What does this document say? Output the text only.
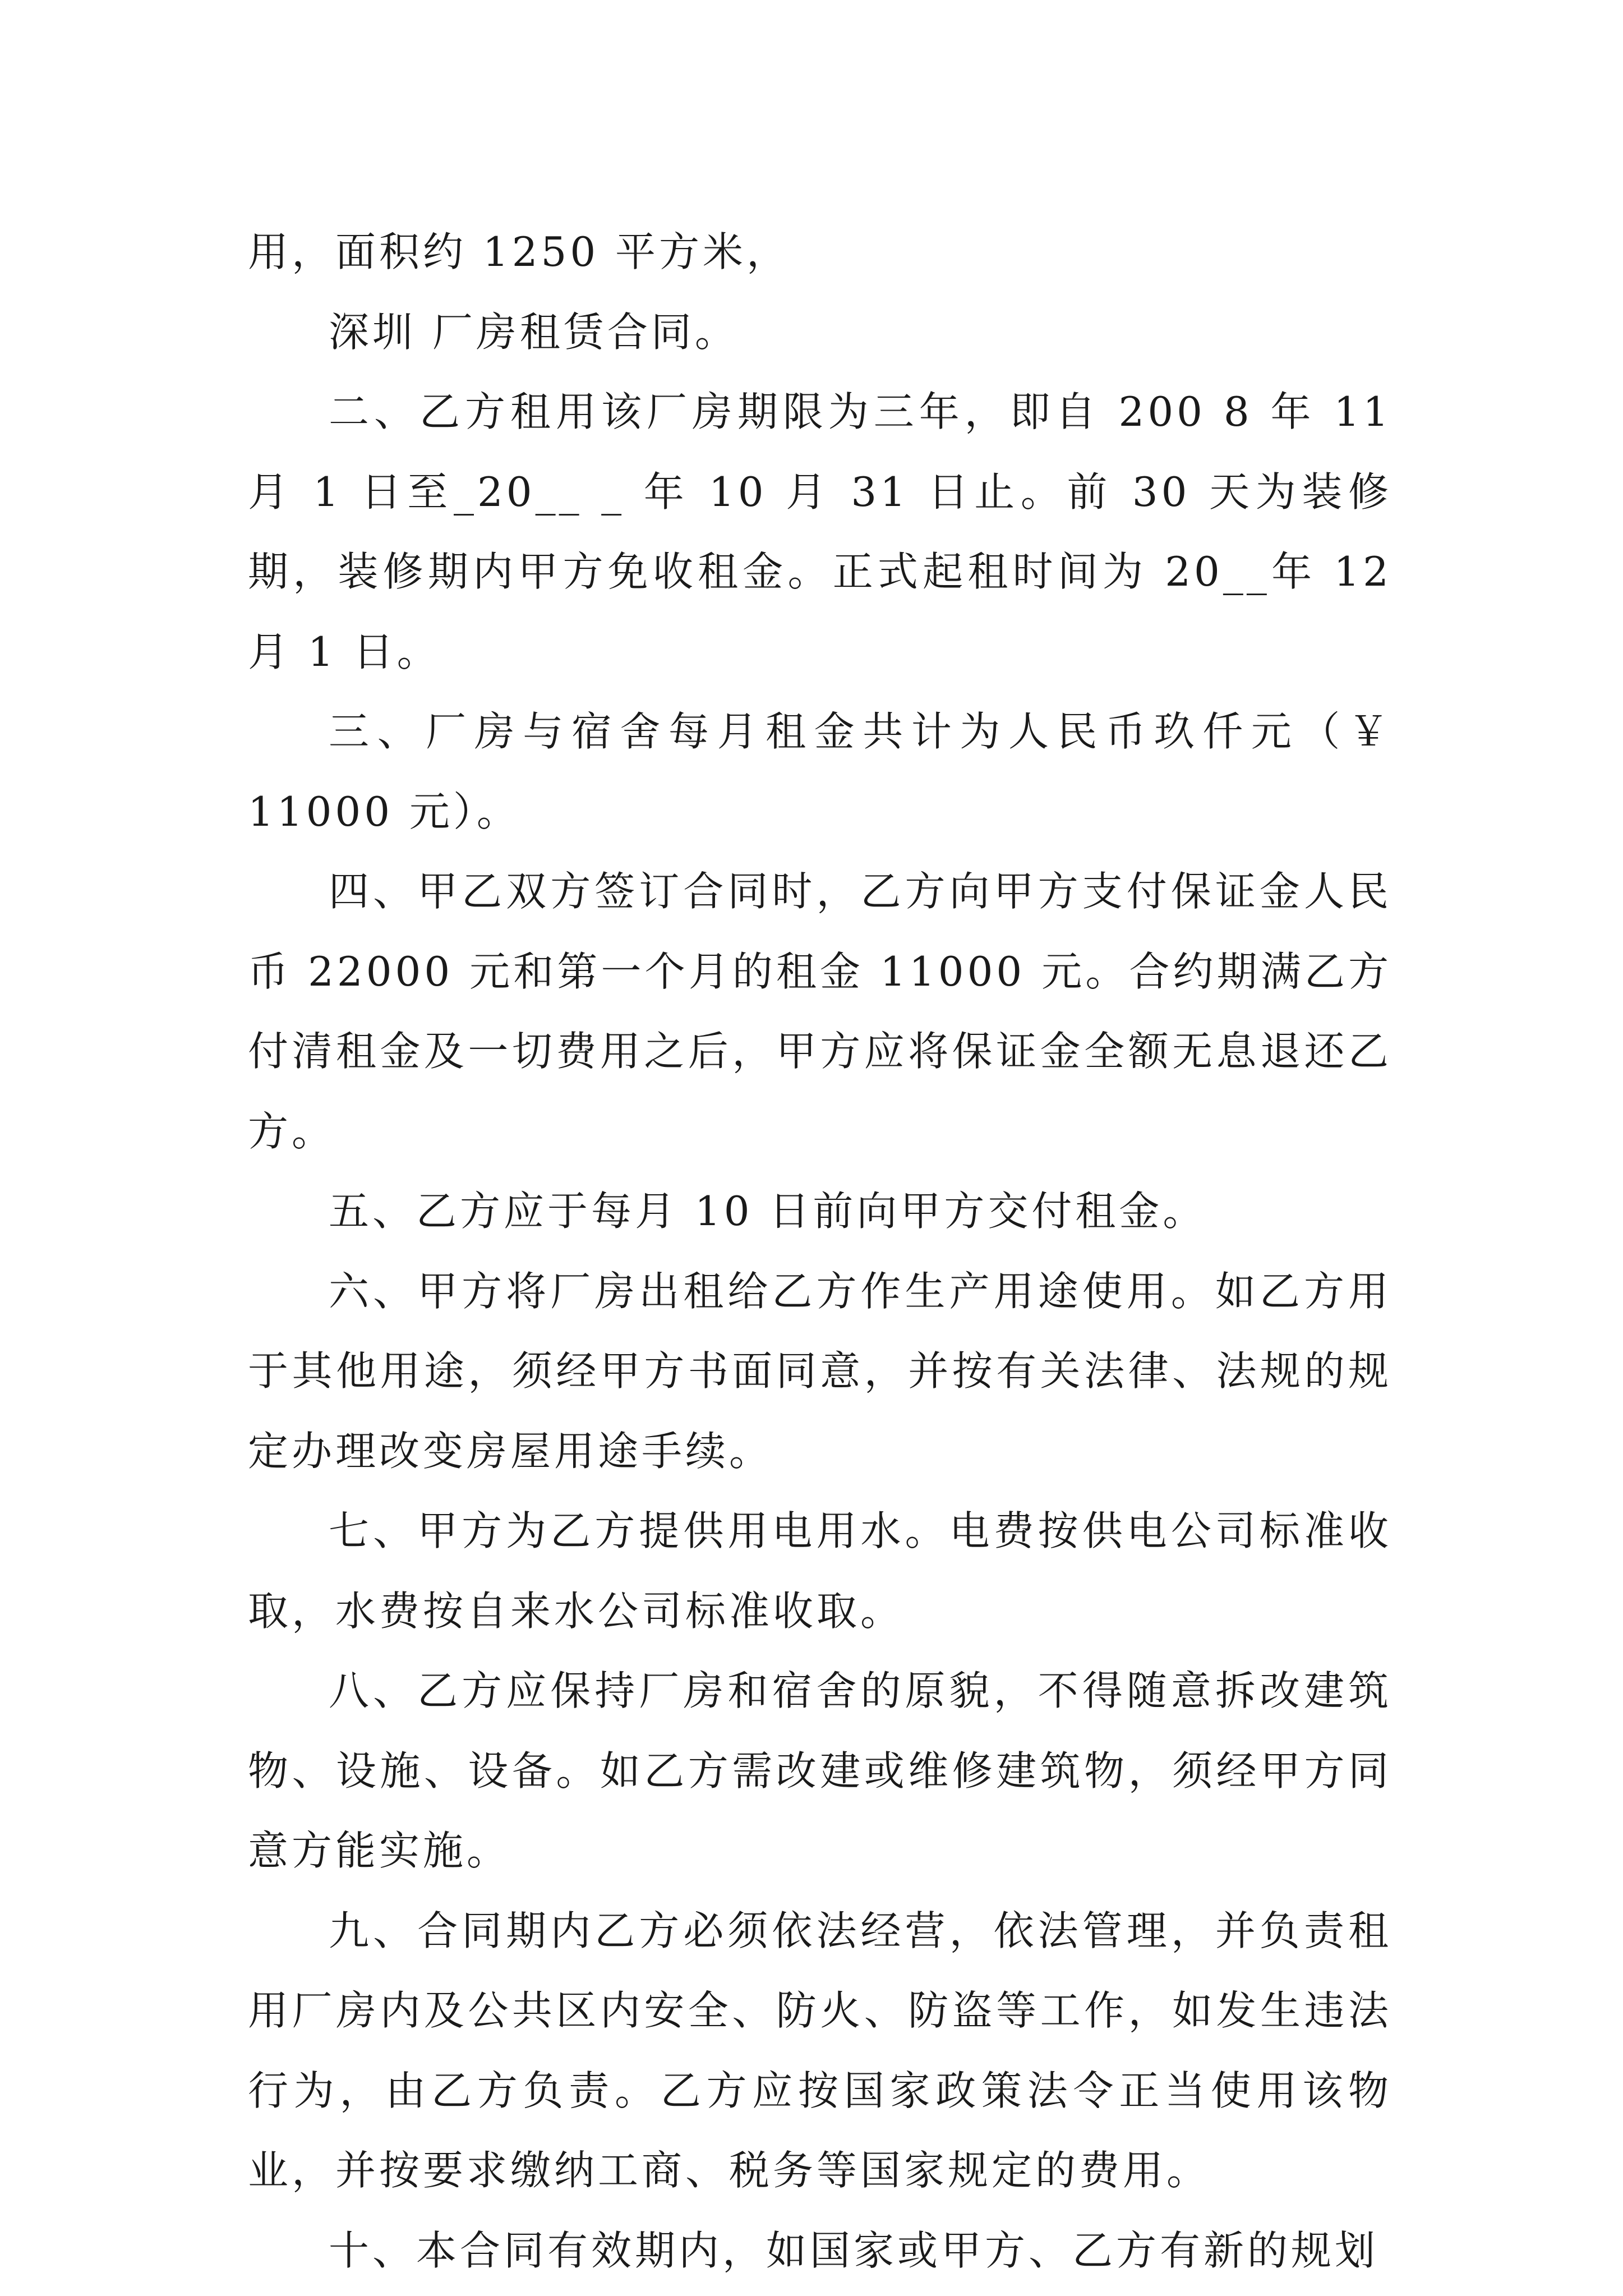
用，面积约 1250 平方米，

深圳 厂房租赁合同。

二、乙方租用该厂房期限为三年，即自 200 8 年 11 月 1 日至_20__ _ 年 10 月 31 日止。前 30 天为装修期，装修期内甲方免收租金。正式起租时间为 20__年 12 月 1 日。

三、厂房与宿舍每月租金共计为人民币玖仟元（￥ 11000 元）。

四、甲乙双方签订合同时，乙方向甲方支付保证金人民币 22000 元和第一个月的租金 11000 元。合约期满乙方付清租金及一切费用之后，甲方应将保证金全额无息退还乙方。

五、乙方应于每月 10 日前向甲方交付租金。

六、甲方将厂房出租给乙方作生产用途使用。如乙方用于其他用途，须经甲方书面同意，并按有关法律、法规的规定办理改变房屋用途手续。

七、甲方为乙方提供用电用水。电费按供电公司标准收取，水费按自来水公司标准收取。

八、乙方应保持厂房和宿舍的原貌，不得随意拆改建筑物、设施、设备。如乙方需改建或维修建筑物，须经甲方同意方能实施。

九、合同期内乙方必须依法经营，依法管理，并负责租用厂房内及公共区内安全、防火、防盗等工作，如发生违法行为，由乙方负责。乙方应按国家政策法令正当使用该物业，并按要求缴纳工商、税务等国家规定的费用。

十、本合同有效期内，如国家或甲方、乙方有新的规划
